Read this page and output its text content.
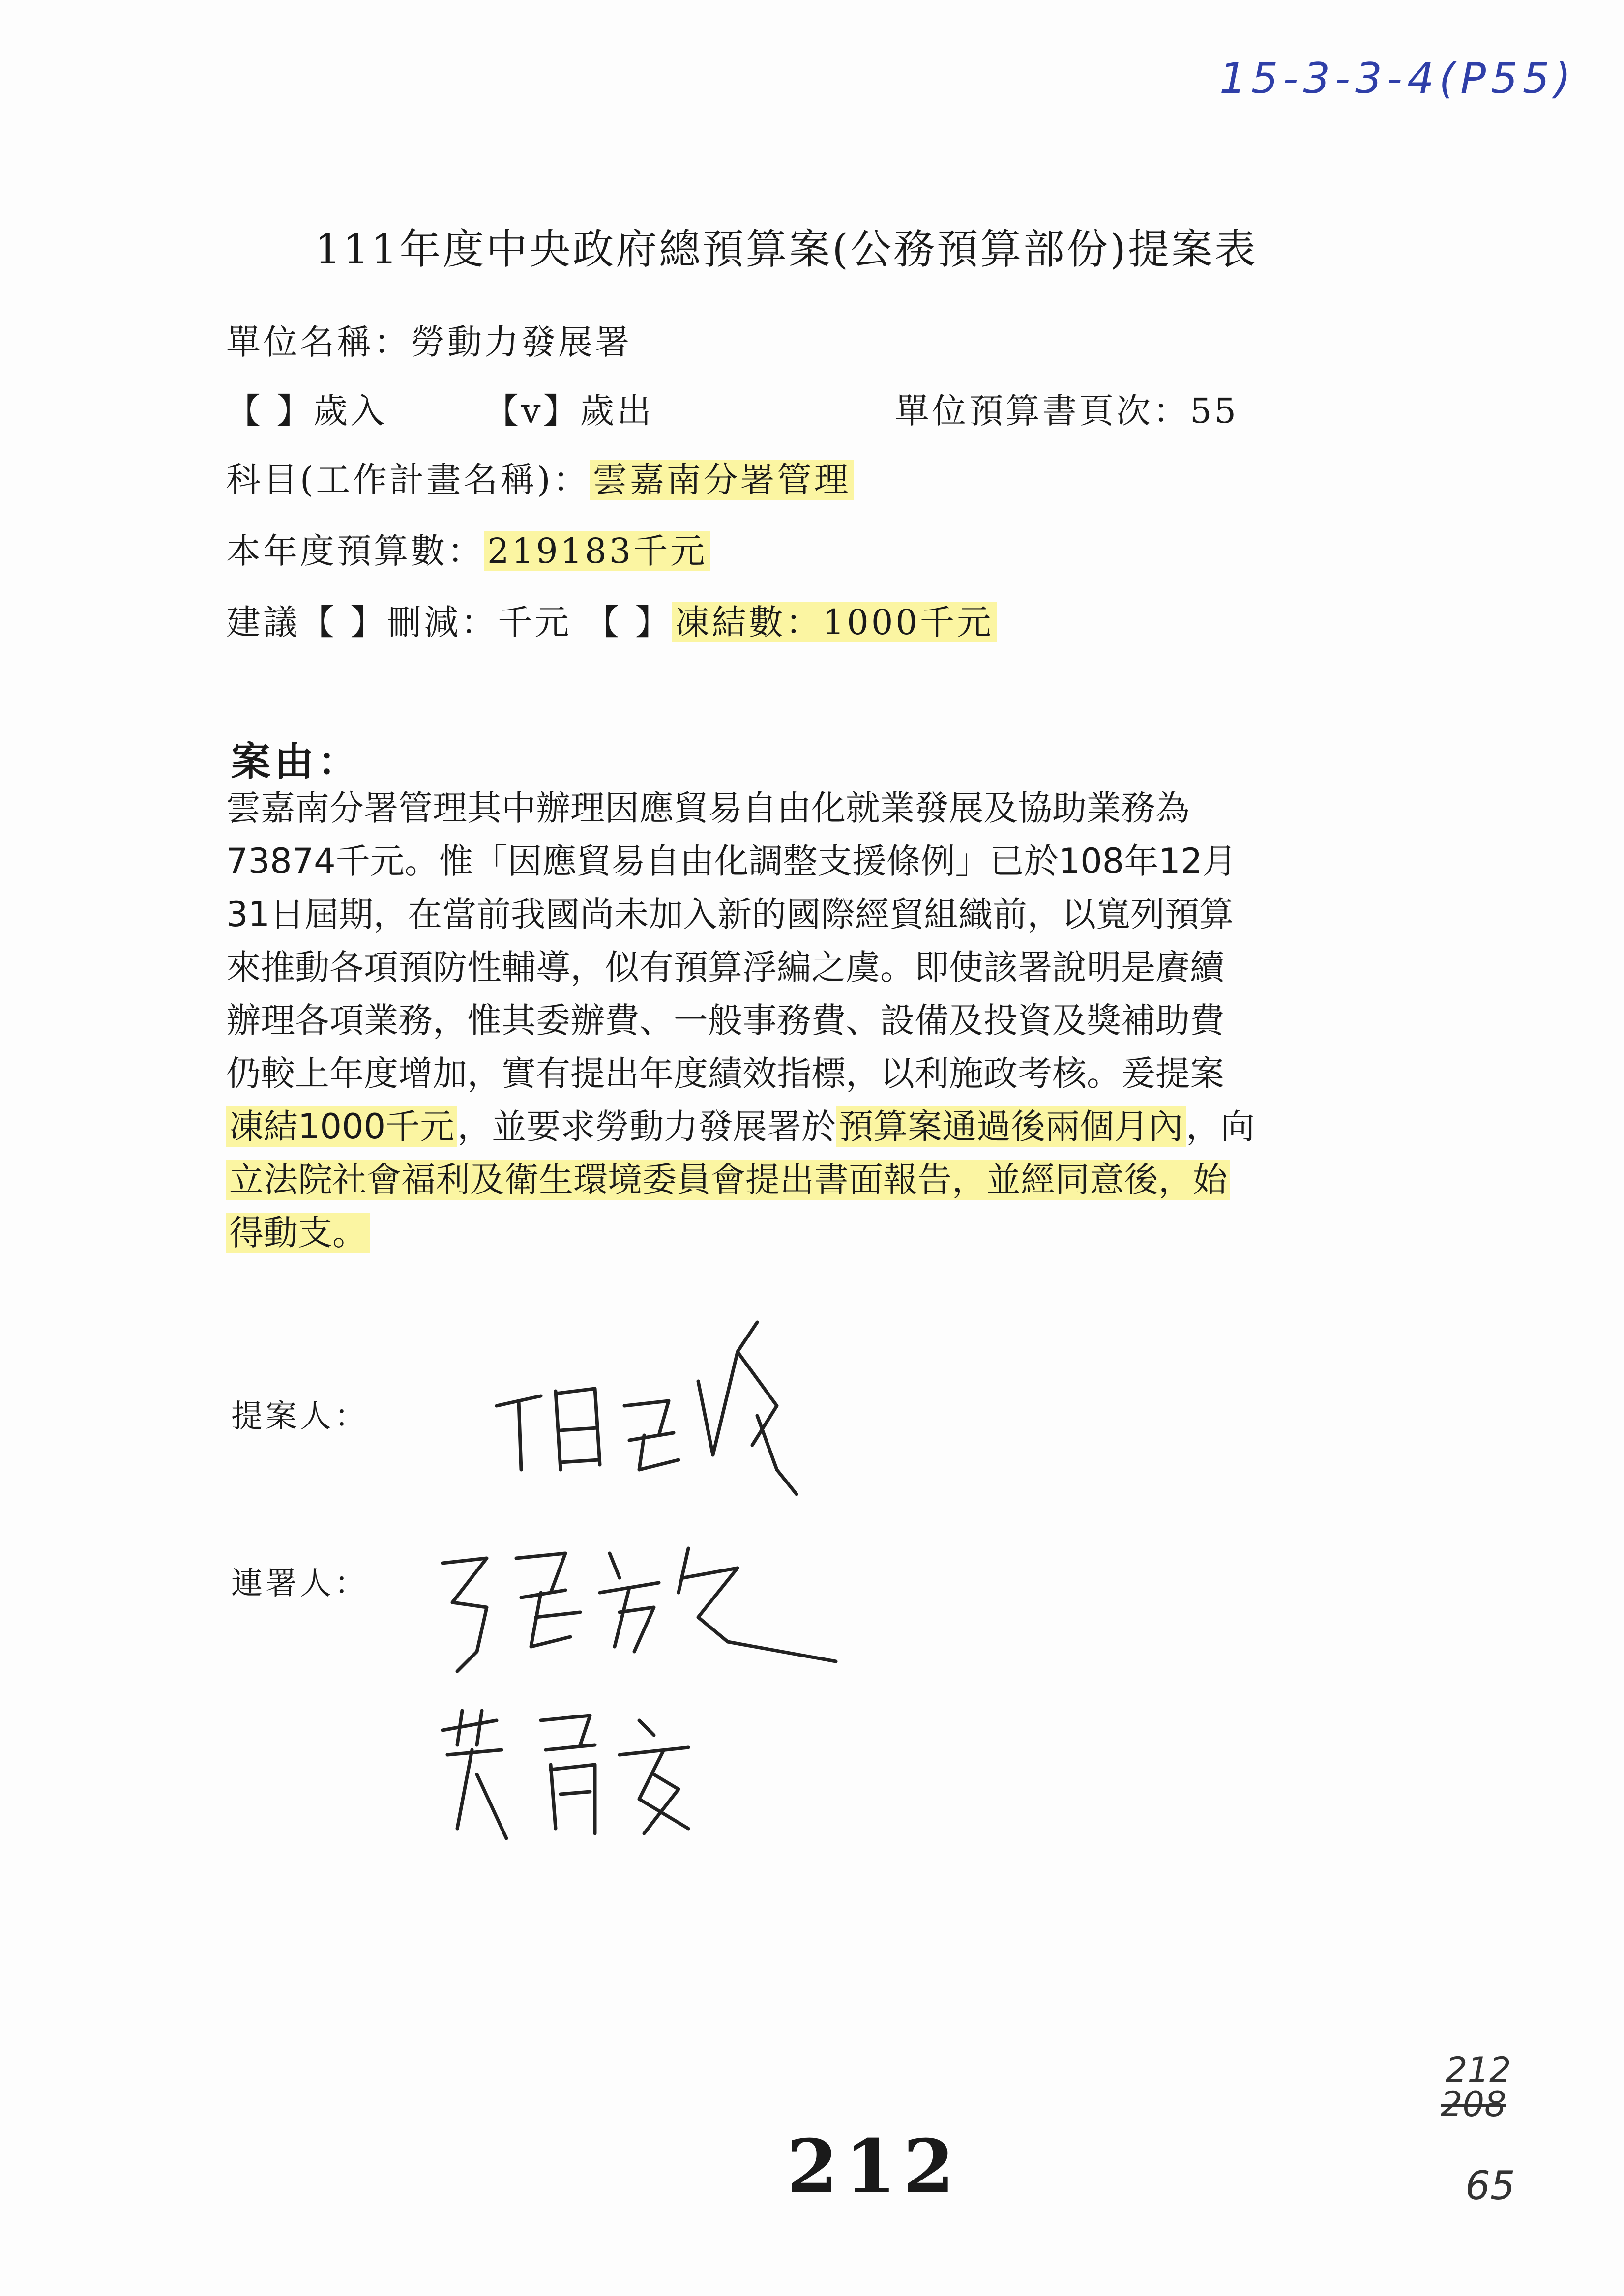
15-3-3-4(P55)
111年度中央政府總預算案(公務預算部份)提案表
單位名稱：勞動力發展署
【 】歲入	【v】歲出	單位預算書頁次：55
科目(工作計畫名稱)：雲嘉南分署管理
本年度預算數：219183千元
建議【 】刪減：千元 【 】凍結數：1000千元
案由：
雲嘉南分署管理其中辦理因應貿易自由化就業發展及協助業務為
73874千元。惟「因應貿易自由化調整支援條例」已於108年12月
31日屆期，在當前我國尚未加入新的國際經貿組織前，以寬列預算
來推動各項預防性輔導，似有預算浮編之虞。即使該署說明是賡續
辦理各項業務，惟其委辦費、一般事務費、設備及投資及獎補助費
仍較上年度增加，實有提出年度績效指標，以利施政考核。爰提案
凍結1000千元，並要求勞動力發展署於預算案通過後兩個月內，向
立法院社會福利及衛生環境委員會提出書面報告，並經同意後，始
得動支。
提案人：
連署人：
212
212
208
65
